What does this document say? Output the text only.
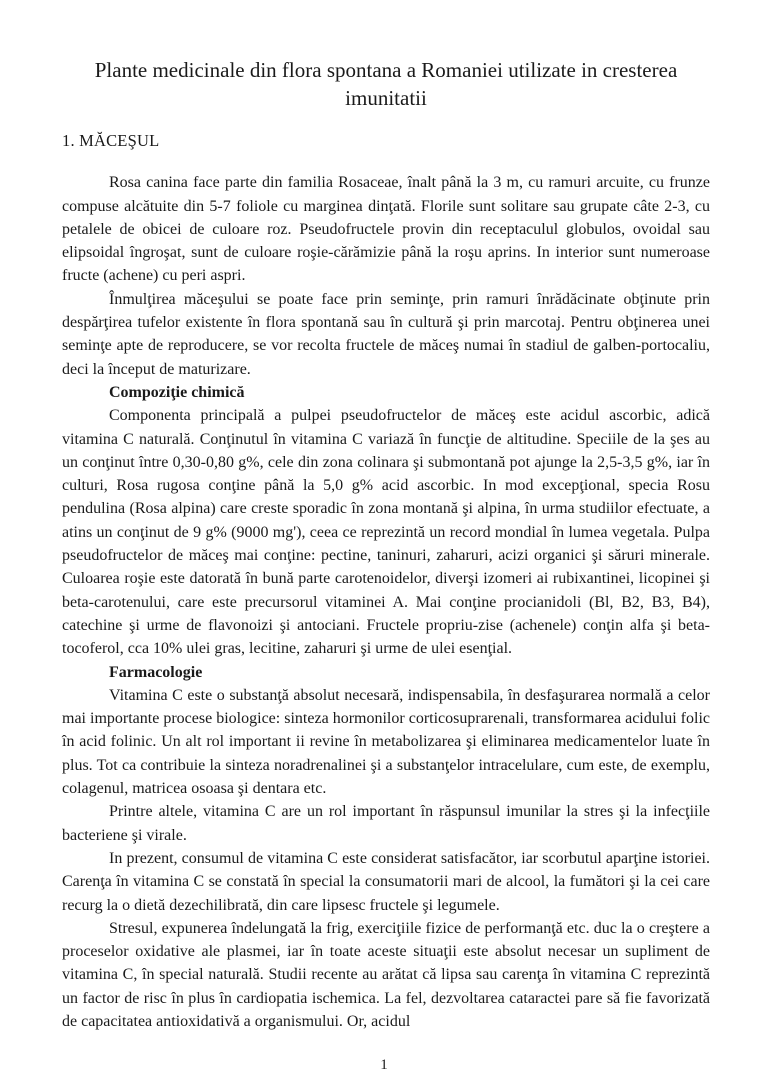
Plante medicinale din flora spontana a Romaniei utilizate in cresterea imunitatii
1. MĂCEŞUL

Rosa canina face parte din familia Rosaceae, înalt până la 3 m, cu ramuri arcuite, cu frunze compuse alcătuite din 5-7 foliole cu marginea dinţată. Florile sunt solitare sau grupate câte 2-3, cu petalele de obicei de culoare roz. Pseudofructele provin din receptaculul globulos, ovoidal sau elipsoidal îngroşat, sunt de culoare roşie-cărămizie până la roşu aprins. In interior sunt numeroase fructe (achene) cu peri aspri.

Înmulţirea măceşului se poate face prin seminţe, prin ramuri înrădăcinate obţinute prin despărţirea tufelor existente în flora spontană sau în cultură şi prin marcotaj. Pentru obţinerea unei seminţe apte de reproducere, se vor recolta fructele de măceş numai în stadiul de galben-portocaliu, deci la început de maturizare.

Compoziţie chimică

Componenta principală a pulpei pseudofructelor de măceş este acidul ascorbic, adică vitamina C naturală. Conţinutul în vitamina C variază în funcţie de altitudine. Speciile de la şes au un conţinut între 0,30-0,80 g%, cele din zona colinara şi submontană pot ajunge la 2,5-3,5 g%, iar în culturi, Rosa rugosa conţine până la 5,0 g% acid ascorbic. In mod excepţional, specia Rosu pendulina (Rosa alpina) care creste sporadic în zona montană şi alpina, în urma studiilor efectuate, a atins un conţinut de 9 g% (9000 mg'), ceea ce reprezintă un record mondial în lumea vegetala. Pulpa pseudofructelor de măceş mai conţine: pectine, taninuri, zaharuri, acizi organici şi săruri minerale. Culoarea roşie este datorată în bună parte carotenoidelor, diverşi izomeri ai rubixantinei, licopinei şi beta-carotenului, care este precursorul vitaminei A. Mai conţine procianidoli (Bl, B2, B3, B4), catechine şi urme de flavonoizi şi antociani. Fructele propriu-zise (achenele) conţin alfa şi beta-tocoferol, cca 10% ulei gras, lecitine, zaharuri şi urme de ulei esenţial.

Farmacologie

Vitamina C este o substanţă absolut necesară, indispensabila, în desfaşurarea normală a celor mai importante procese biologice: sinteza hormonilor corticosuprarenali, transformarea acidului folic în acid folinic. Un alt rol important ii revine în metabolizarea şi eliminarea medicamentelor luate în plus. Tot ca contribuie la sinteza noradrenalinei şi a substanţelor intracelulare, cum este, de exemplu, colagenul, matricea osoasa şi dentara etc.

Printre altele, vitamina C are un rol important în răspunsul imunilar la stres şi la infecţiile bacteriene şi virale.

In prezent, consumul de vitamina C este considerat satisfacător, iar scorbutul aparţine istoriei. Carenţa în vitamina C se constată în special la consumatorii mari de alcool, la fumători şi la cei care recurg la o dietă dezechilibrată, din care lipsesc fructele şi legumele.

Stresul, expunerea îndelungată la frig, exerciţiile fizice de performanţă etc. duc la o creştere a proceselor oxidative ale plasmei, iar în toate aceste situaţii este absolut necesar un supliment de vitamina C, în special naturală. Studii recente au arătat că lipsa sau carenţa în vitamina C reprezintă un factor de risc în plus în cardiopatia ischemica. La fel, dezvoltarea cataractei pare să fie favorizată de capacitatea antioxidativă a organismului. Or, acidul

1
